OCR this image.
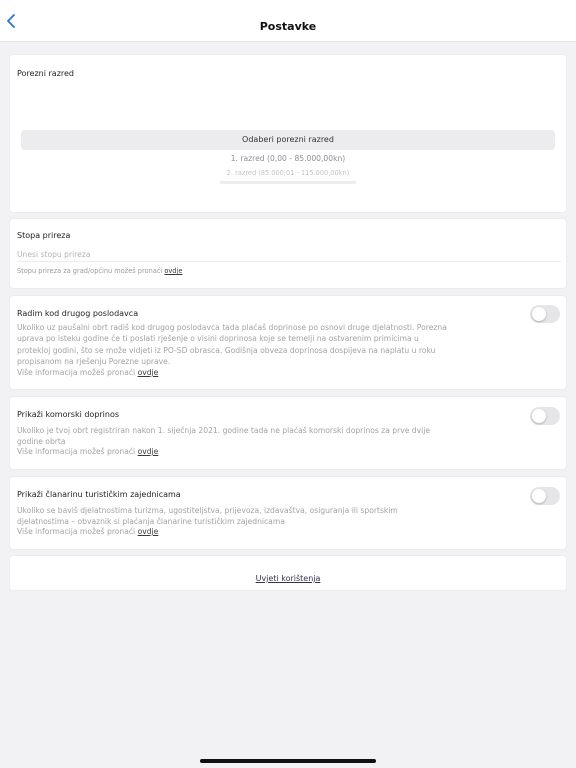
Postavke
Porezni razred
Odaberi porezni razred
1. razred (0,00 - 85.000,00kn)
2. razred (85.000,01 - 115.000,00kn)
Stopa prireza
Unesi stopu prireza
Stopu prireza za grad/općinu možeš pronaći ovdje
Radim kod drugog poslodavca
Ukoliko uz paušalni obrt radiš kod drugog poslodavca tada plaćaš doprinose po osnovi druge djelatnosti. Porezna uprava po isteku godine će ti poslati rješenje o visini doprinosa koje se temelji na ostvarenim primicima u protekloj godini, što se može vidjeti iz PO-SD obrasca. Godišnja obveza doprinosa dospijeva na naplatu u roku propisanom na rješenju Porezne uprave.
Više informacija možeš pronaći ovdje
Prikaži komorski doprinos
Ukoliko je tvoj obrt registriran nakon 1. siječnja 2021. godine tada ne plaćaš komorski doprinos za prve dvije godine obrta
Više informacija možeš pronaći ovdje
Prikaži članarinu turističkim zajednicama
Ukoliko se baviš djelatnostima turizma, ugostiteljstva, prijevoza, izdavaštva, osiguranja ili sportskim djelatnostima – obvaznik si plaćanja članarine turističkim zajednicama
Više informacija možeš pronaći ovdje
Uvjeti korištenja
